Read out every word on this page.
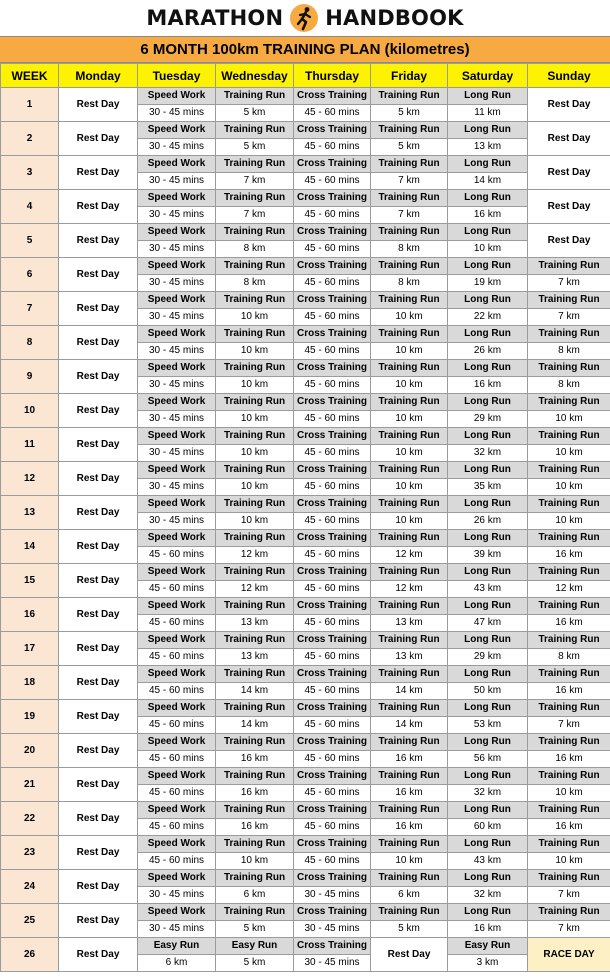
MARATHON HANDBOOK
6 MONTH 100km TRAINING PLAN (kilometres)
WEEK	Monday	Tuesday	Wednesday	Thursday	Friday	Saturday	Sunday
1	Rest Day	Speed Work	Training Run	Cross Training	Training Run	Long Run	Rest Day
		30 - 45 mins	5 km	45 - 60 mins	5 km	11 km	
2	Rest Day	Speed Work	Training Run	Cross Training	Training Run	Long Run	Rest Day
		30 - 45 mins	5 km	45 - 60 mins	5 km	13 km	
3	Rest Day	Speed Work	Training Run	Cross Training	Training Run	Long Run	Rest Day
		30 - 45 mins	7 km	45 - 60 mins	7 km	14 km	
4	Rest Day	Speed Work	Training Run	Cross Training	Training Run	Long Run	Rest Day
		30 - 45 mins	7 km	45 - 60 mins	7 km	16 km	
5	Rest Day	Speed Work	Training Run	Cross Training	Training Run	Long Run	Rest Day
		30 - 45 mins	8 km	45 - 60 mins	8 km	10 km	
6	Rest Day	Speed Work	Training Run	Cross Training	Training Run	Long Run	Training Run
		30 - 45 mins	8 km	45 - 60 mins	8 km	19 km	7 km
7	Rest Day	Speed Work	Training Run	Cross Training	Training Run	Long Run	Training Run
		30 - 45 mins	10 km	45 - 60 mins	10 km	22 km	7 km
8	Rest Day	Speed Work	Training Run	Cross Training	Training Run	Long Run	Training Run
		30 - 45 mins	10 km	45 - 60 mins	10 km	26 km	8 km
9	Rest Day	Speed Work	Training Run	Cross Training	Training Run	Long Run	Training Run
		30 - 45 mins	10 km	45 - 60 mins	10 km	16 km	8 km
10	Rest Day	Speed Work	Training Run	Cross Training	Training Run	Long Run	Training Run
		30 - 45 mins	10 km	45 - 60 mins	10 km	29 km	10 km
11	Rest Day	Speed Work	Training Run	Cross Training	Training Run	Long Run	Training Run
		30 - 45 mins	10 km	45 - 60 mins	10 km	32 km	10 km
12	Rest Day	Speed Work	Training Run	Cross Training	Training Run	Long Run	Training Run
		30 - 45 mins	10 km	45 - 60 mins	10 km	35 km	10 km
13	Rest Day	Speed Work	Training Run	Cross Training	Training Run	Long Run	Training Run
		30 - 45 mins	10 km	45 - 60 mins	10 km	26 km	10 km
14	Rest Day	Speed Work	Training Run	Cross Training	Training Run	Long Run	Training Run
		45 - 60 mins	12 km	45 - 60 mins	12 km	39 km	16 km
15	Rest Day	Speed Work	Training Run	Cross Training	Training Run	Long Run	Training Run
		45 - 60 mins	12 km	45 - 60 mins	12 km	43 km	12 km
16	Rest Day	Speed Work	Training Run	Cross Training	Training Run	Long Run	Training Run
		45 - 60 mins	13 km	45 - 60 mins	13 km	47 km	16 km
17	Rest Day	Speed Work	Training Run	Cross Training	Training Run	Long Run	Training Run
		45 - 60 mins	13 km	45 - 60 mins	13 km	29 km	8 km
18	Rest Day	Speed Work	Training Run	Cross Training	Training Run	Long Run	Training Run
		45 - 60 mins	14 km	45 - 60 mins	14 km	50 km	16 km
19	Rest Day	Speed Work	Training Run	Cross Training	Training Run	Long Run	Training Run
		45 - 60 mins	14 km	45 - 60 mins	14 km	53 km	7 km
20	Rest Day	Speed Work	Training Run	Cross Training	Training Run	Long Run	Training Run
		45 - 60 mins	16 km	45 - 60 mins	16 km	56 km	16 km
21	Rest Day	Speed Work	Training Run	Cross Training	Training Run	Long Run	Training Run
		45 - 60 mins	16 km	45 - 60 mins	16 km	32 km	10 km
22	Rest Day	Speed Work	Training Run	Cross Training	Training Run	Long Run	Training Run
		45 - 60 mins	16 km	45 - 60 mins	16 km	60 km	16 km
23	Rest Day	Speed Work	Training Run	Cross Training	Training Run	Long Run	Training Run
		45 - 60 mins	10 km	45 - 60 mins	10 km	43 km	10 km
24	Rest Day	Speed Work	Training Run	Cross Training	Training Run	Long Run	Training Run
		30 - 45 mins	6 km	30 - 45 mins	6 km	32 km	7 km
25	Rest Day	Speed Work	Training Run	Cross Training	Training Run	Long Run	Training Run
		30 - 45 mins	5 km	30 - 45 mins	5 km	16 km	7 km
26	Rest Day	Easy Run	Easy Run	Cross Training	Rest Day	Easy Run	RACE DAY
		6 km	5 km	30 - 45 mins		3 km	
